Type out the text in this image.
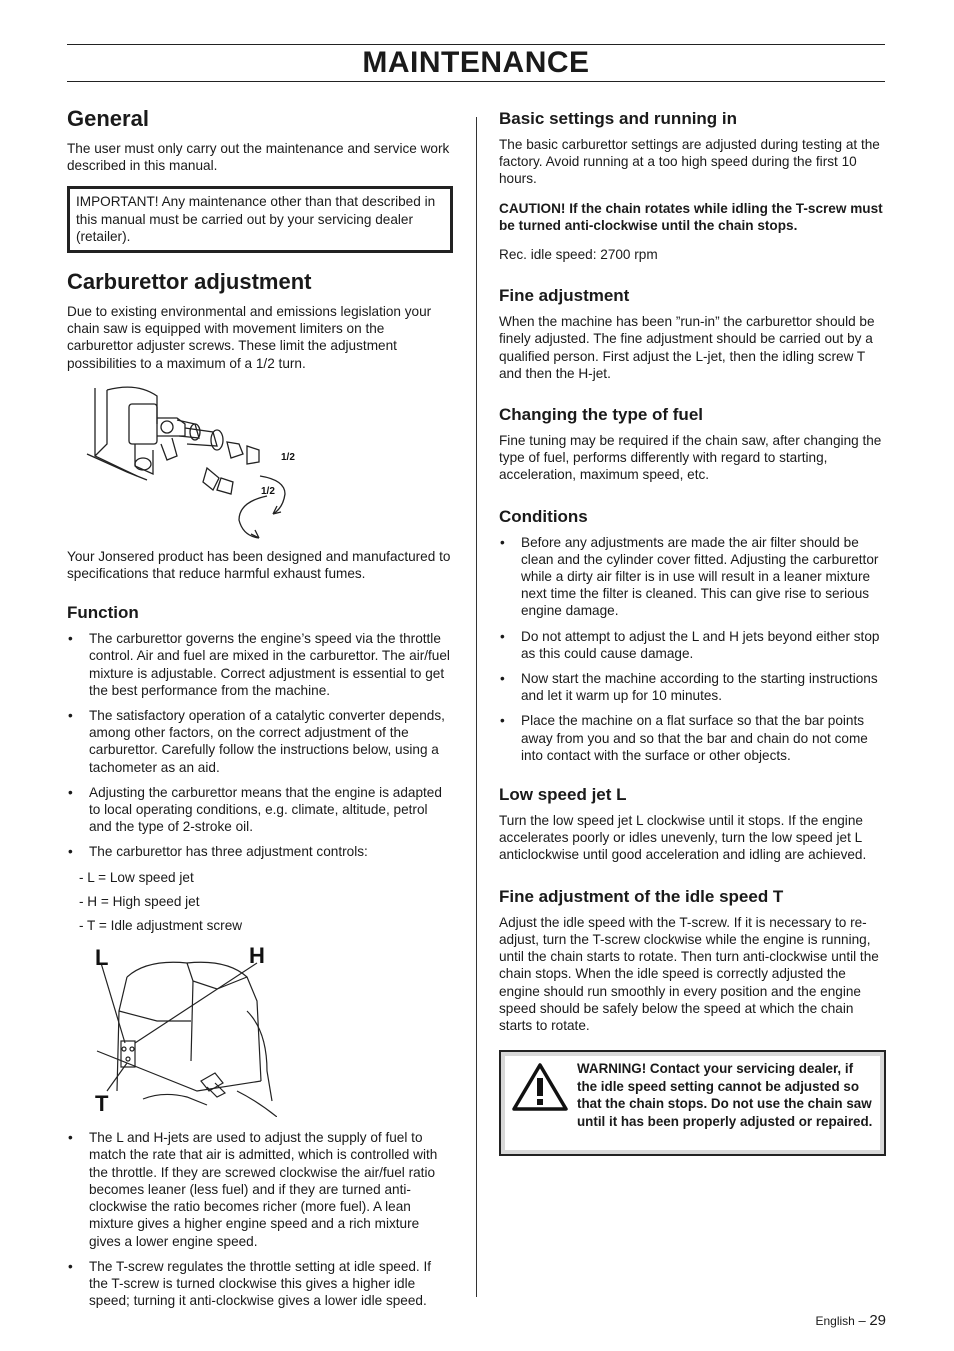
MAINTENANCE
General

The user must only carry out the maintenance and service work described in this manual.

IMPORTANT! Any maintenance other than that described in this manual must be carried out by your servicing dealer (retailer).
Carburettor adjustment

Due to existing environmental and emissions legislation your chain saw is equipped with movement limiters on the carburettor adjuster screws. These limit the adjustment possibilities to a maximum of a 1/2 turn.

1/2
1/2

Your Jonsered product has been designed and manufactured to specifications that reduce harmful exhaust fumes.

Function
• The carburettor governs the engine’s speed via the throttle control. Air and fuel are mixed in the carburettor. The air/fuel mixture is adjustable. Correct adjustment is essential to get the best performance from the machine.
• The satisfactory operation of a catalytic converter depends, among other factors, on the correct adjustment of the carburettor. Carefully follow the instructions below, using a tachometer as an aid.
• Adjusting the carburettor means that the engine is adapted to local operating conditions, e.g. climate, altitude, petrol and the type of 2-stroke oil.
• The carburettor has three adjustment controls:
- L = Low speed jet
- H = High speed jet
- T = Idle adjustment screw
L	H
T
• The L and H-jets are used to adjust the supply of fuel to match the rate that air is admitted, which is controlled with the throttle. If they are screwed clockwise the air/fuel ratio becomes leaner (less fuel) and if they are turned anti-clockwise the ratio becomes richer (more fuel). A lean mixture gives a higher engine speed and a rich mixture gives a lower engine speed.
• The T-screw regulates the throttle setting at idle speed. If the T-screw is turned clockwise this gives a higher idle speed; turning it anti-clockwise gives a lower idle speed.
Basic settings and running in

The basic carburettor settings are adjusted during testing at the factory. Avoid running at a too high speed during the first 10 hours.

CAUTION! If the chain rotates while idling the T-screw must be turned anti-clockwise until the chain stops.

Rec. idle speed: 2700 rpm

Fine adjustment

When the machine has been ”run-in” the carburettor should be finely adjusted. The fine adjustment should be carried out by a qualified person. First adjust the L-jet, then the idling screw T and then the H-jet.

Changing the type of fuel

Fine tuning may be required if the chain saw, after changing the type of fuel, performs differently with regard to starting, acceleration, maximum speed, etc.

Conditions
• Before any adjustments are made the air filter should be clean and the cylinder cover fitted. Adjusting the carburettor while a dirty air filter is in use will result in a leaner mixture next time the filter is cleaned. This can give rise to serious engine damage.
• Do not attempt to adjust the L and H jets beyond either stop as this could cause damage.
• Now start the machine according to the starting instructions and let it warm up for 10 minutes.
• Place the machine on a flat surface so that the bar points away from you and so that the bar and chain do not come into contact with the surface or other objects.
Low speed jet L

Turn the low speed jet L clockwise until it stops. If the engine accelerates poorly or idles unevenly, turn the low speed jet L anticlockwise until good acceleration and idling are achieved.

Fine adjustment of the idle speed T

Adjust the idle speed with the T-screw. If it is necessary to re-adjust, turn the T-screw clockwise while the engine is running, until the chain starts to rotate. Then turn anti-clockwise until the chain stops. When the idle speed is correctly adjusted the engine should run smoothly in every position and the engine speed should be safely below the speed at which the chain starts to rotate.

WARNING! Contact your servicing dealer, if the idle speed setting cannot be adjusted so that the chain stops. Do not use the chain saw until it has been properly adjusted or repaired.
English – 29
